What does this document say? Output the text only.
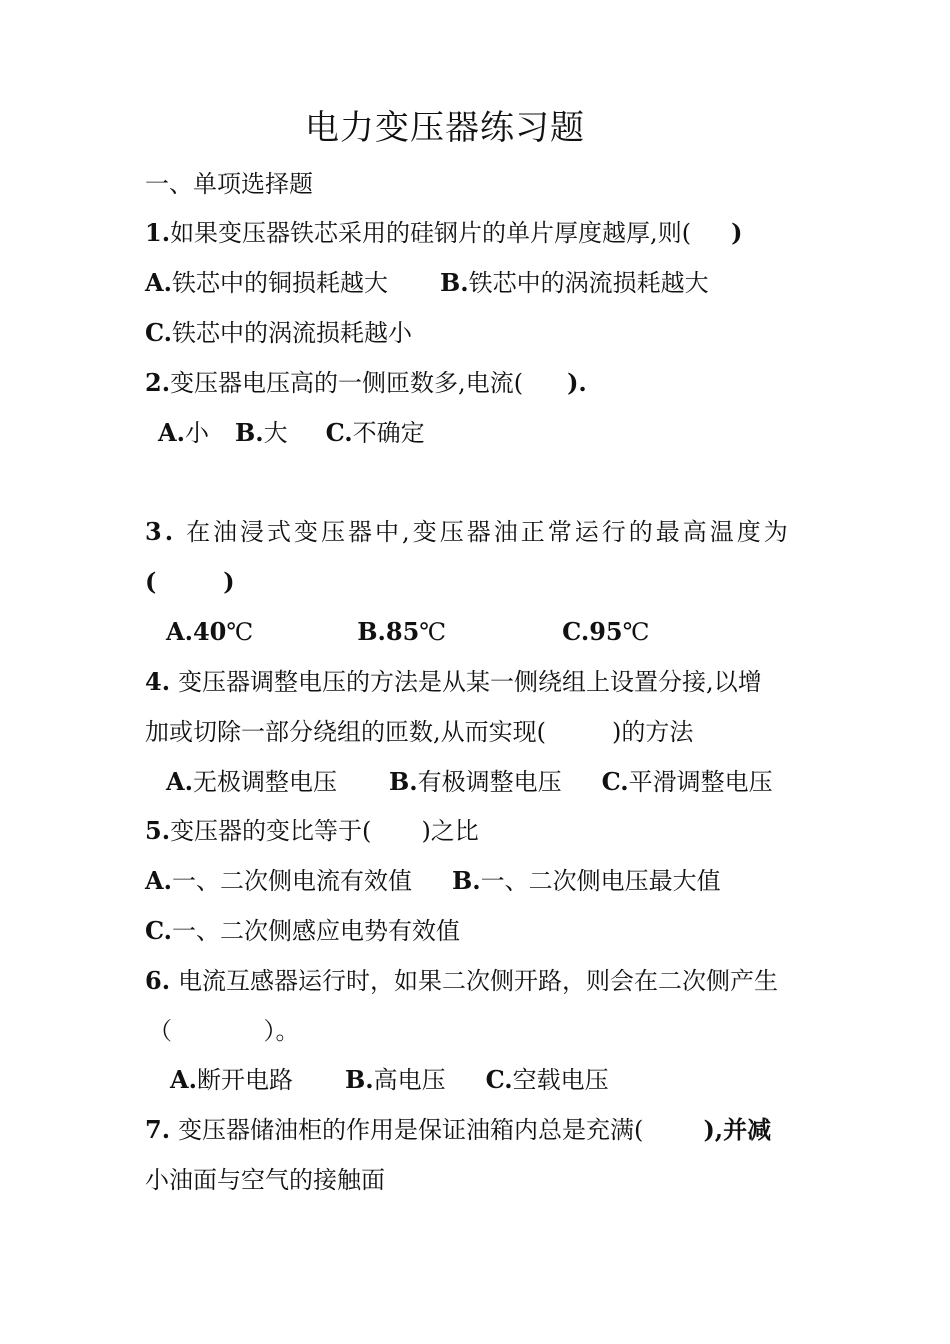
电力变压器练习题
一、单项选择题
1.如果变压器铁芯采用的硅钢片的单片厚度越厚,则( )
A.铁芯中的铜损耗越大 B.铁芯中的涡流损耗越大
C.铁芯中的涡流损耗越小
2.变压器电压高的一侧匝数多,电流( ).
A.小 B.大 C.不确定
3. 在油浸式变压器中,变压器油正常运行的最高温度为
(        )
A.40℃	B.85℃	C.95℃
4. 变压器调整电压的方法是从某一侧绕组上设置分接,以增
加或切除一部分绕组的匝数,从而实现(	)的方法
A.无极调整电压 B.有极调整电压 C.平滑调整电压
5.变压器的变比等于( )之比
A.一、二次侧电流有效值 B.一、二次侧电压最大值
C.一、二次侧感应电势有效值
6. 电流互感器运行时，如果二次侧开路，则会在二次侧产生
（            ）。
A.断开电路 B.高电压 C.空载电压
7. 变压器储油柜的作用是保证油箱内总是充满(	),并减
小油面与空气的接触面
